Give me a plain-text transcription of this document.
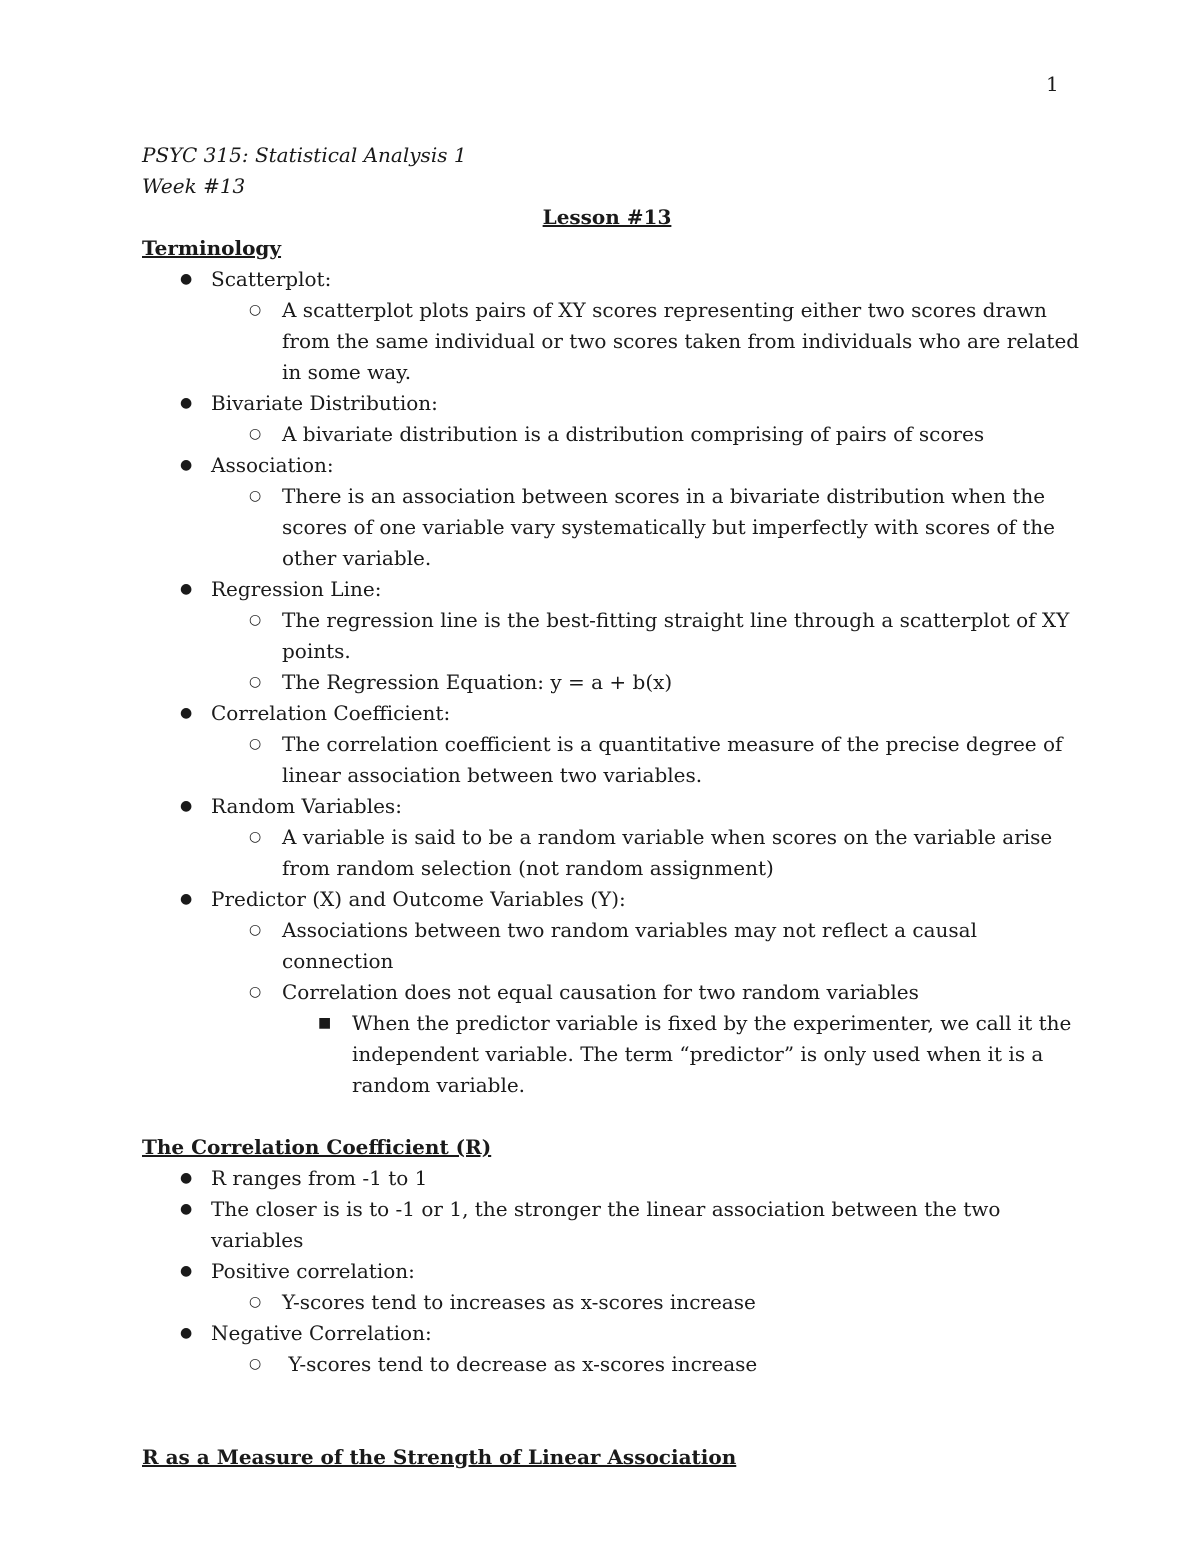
1
PSYC 315: Statistical Analysis 1
Week #13
Lesson #13
Terminology
● Scatterplot:
○ A scatterplot plots pairs of XY scores representing either two scores drawn from the same individual or two scores taken from individuals who are related in some way.
● Bivariate Distribution:
○ A bivariate distribution is a distribution comprising of pairs of scores
● Association:
○ There is an association between scores in a bivariate distribution when the scores of one variable vary systematically but imperfectly with scores of the other variable.
● Regression Line:
○ The regression line is the best-fitting straight line through a scatterplot of XY points.
○ The Regression Equation: y = a + b(x)
● Correlation Coefficient:
○ The correlation coefficient is a quantitative measure of the precise degree of linear association between two variables.
● Random Variables:
○ A variable is said to be a random variable when scores on the variable arise from random selection (not random assignment)
● Predictor (X) and Outcome Variables (Y):
○ Associations between two random variables may not reflect a causal connection
○ Correlation does not equal causation for two random variables
■ When the predictor variable is fixed by the experimenter, we call it the independent variable. The term “predictor” is only used when it is a random variable.
The Correlation Coefficient (R)
● R ranges from -1 to 1
● The closer is is to -1 or 1, the stronger the linear association between the two variables
● Positive correlation:
○ Y-scores tend to increases as x-scores increase
● Negative Correlation:
○ Y-scores tend to decrease as x-scores increase
R as a Measure of the Strength of Linear Association
